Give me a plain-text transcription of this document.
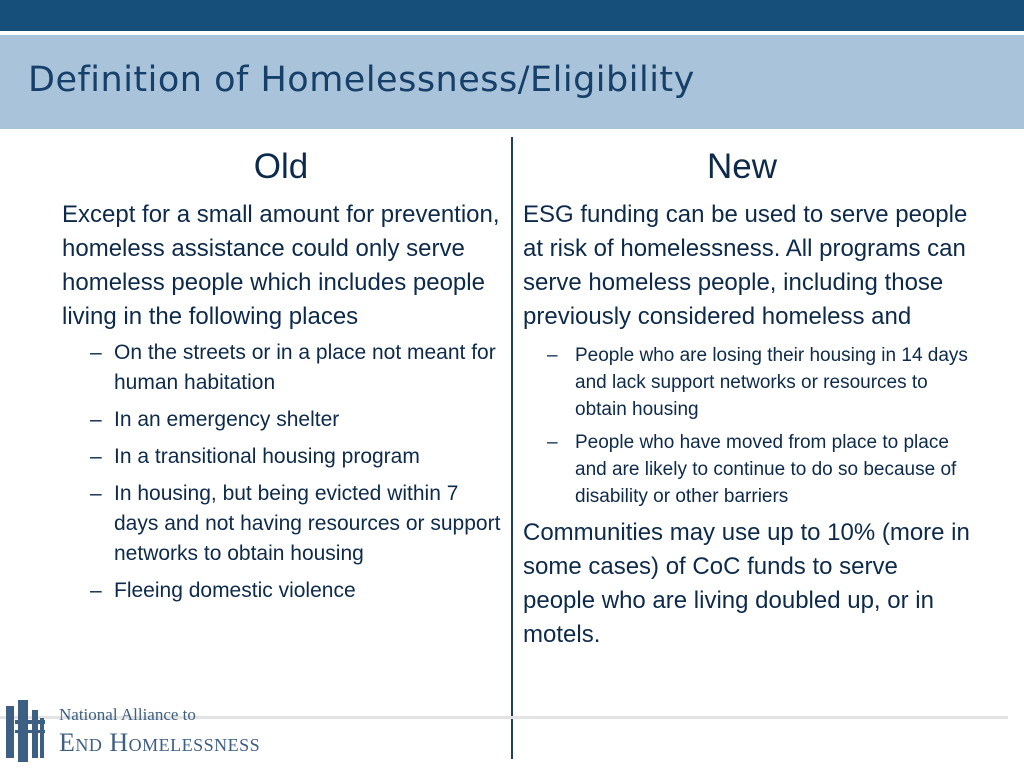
Definition of Homelessness/Eligibility
Old	New

Except for a small amount for prevention, homeless assistance could only serve homeless people which includes people living in the following places

– On the streets or in a place not meant for human habitation
– In an emergency shelter
– In a transitional housing program
– In housing, but being evicted within 7 days and not having resources or support networks to obtain housing
– Fleeing domestic violence

ESG funding can be used to serve people at risk of homelessness. All programs can serve homeless people, including those previously considered homeless and

– People who are losing their housing in 14 days and lack support networks or resources to obtain housing
– People who have moved from place to place and are likely to continue to do so because of disability or other barriers

Communities may use up to 10% (more in some cases) of CoC funds to serve people who are living doubled up, or in motels.

National Alliance to
End Homelessness
